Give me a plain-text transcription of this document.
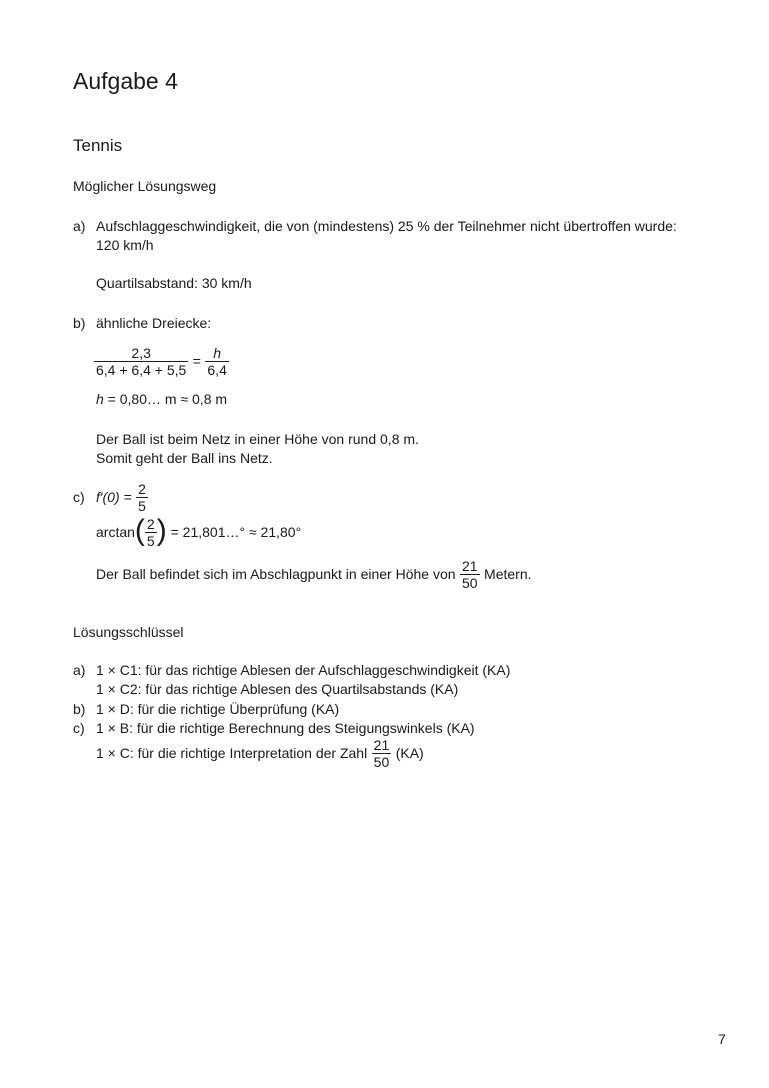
Aufgabe 4
Tennis
Möglicher Lösungsweg
a) Aufschlaggeschwindigkeit, die von (mindestens) 25 % der Teilnehmer nicht übertroffen wurde:
120 km/h
Quartilsabstand: 30 km/h
b) ähnliche Dreiecke:
$\frac{2,3}{6,4 + 6,4 + 5,5} = \frac{h}{6,4}$
h = 0,80… m ≈ 0,8 m
Der Ball ist beim Netz in einer Höhe von rund 0,8 m.
Somit geht der Ball ins Netz.
c) $f'(0) = \frac{2}{5}$
$\arctan( \frac{2}{5}$ ) = 21,801…° ≈ 21,80°
Der Ball befindet sich im Abschlagpunkt in einer Höhe von $\frac{21}{50}$ Metern.
Lösungsschlüssel
a) 1 × C1: für das richtige Ablesen der Aufschlaggeschwindigkeit (KA)
1 × C2: für das richtige Ablesen des Quartilsabstands (KA)
b) 1 × D: für die richtige Überprüfung (KA)
c) 1 × B: für die richtige Berechnung des Steigungswinkels (KA)
1 × C: für die richtige Interpretation der Zahl $\frac{21}{50} (KA)$
7
